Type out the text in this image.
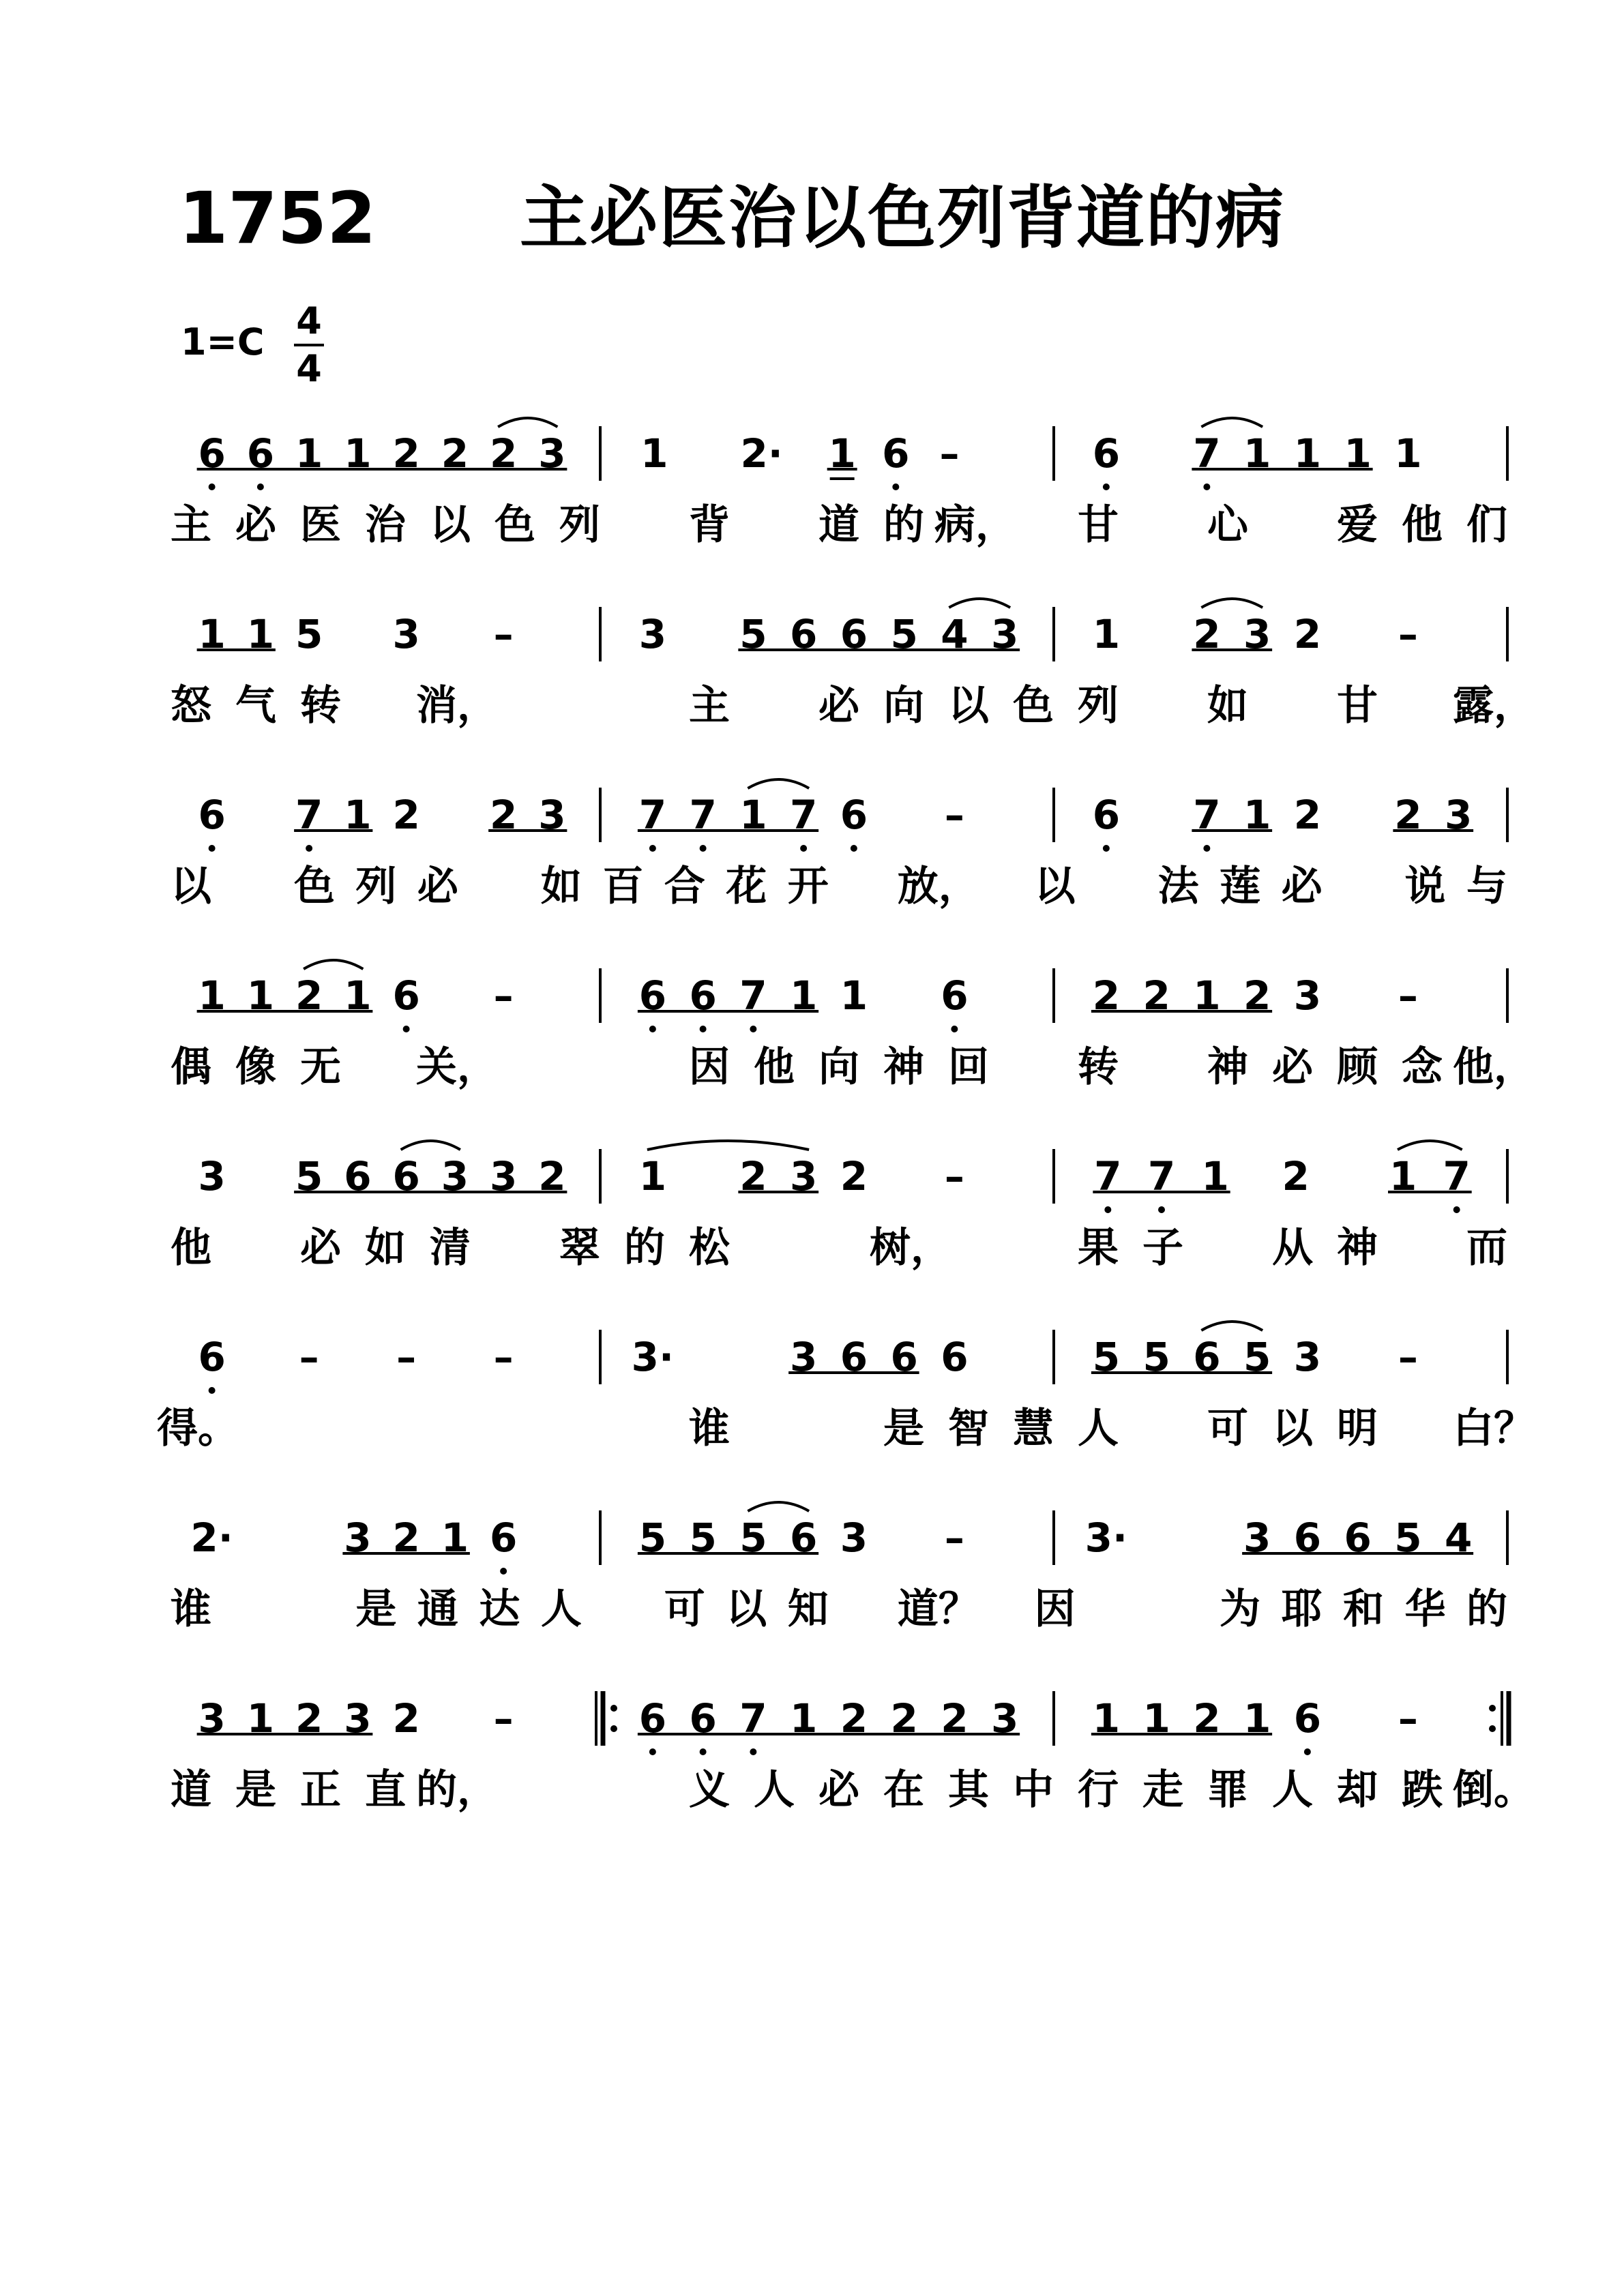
1752 主必医治以色列背道的病
1=C 4
4
6 6 1 1 2 2 2 3	1	2·	1 6 –	6	7 1 1 1 1
主 必 医 治 以 色 列	背	道 的 病，	甘	心	爱 他 们
1 1 5	3	–	3	5 6 6 5 4 3	1	2 3 2	–
怒 气 转	消，	主	必 向 以 色 列	如	甘	露，
6	7 1 2	2 3	7 7 1 7 6	–	6	7 1 2	2 3
以	色 列 必	如 百 合 花 开	放，	以	法 莲 必	说 与
1 1 2 1 6	–	6 6 7 1 1	6	2 2 1 2 3	–
偶 像 无	关，	因 他 向 神 回	转	神 必 顾 念 他，
3	5 6 6 3 3 2	1	2 3 2	–	7 7 1	2	1 7
他	必 如 清	翠 的 松	树，	果 子	从 神	而
6	–	–	–	3·	3 6 6 6	5 5 6 5 3	–
得。	谁	是 智 慧 人	可 以 明	白？
2·	3 2 1 6	5 5 5 6 3	–	3·	3 6 6 5 4
谁	是 通 达 人	可 以 知	道？	因	为 耶 和 华 的
3 1 2 3 2	–	6 6 7 1 2 2 2 3	1 1 2 1 6	–
道 是 正 直 的，	义 人 必 在 其 中 行 走 罪 人 却 跌 倒。
